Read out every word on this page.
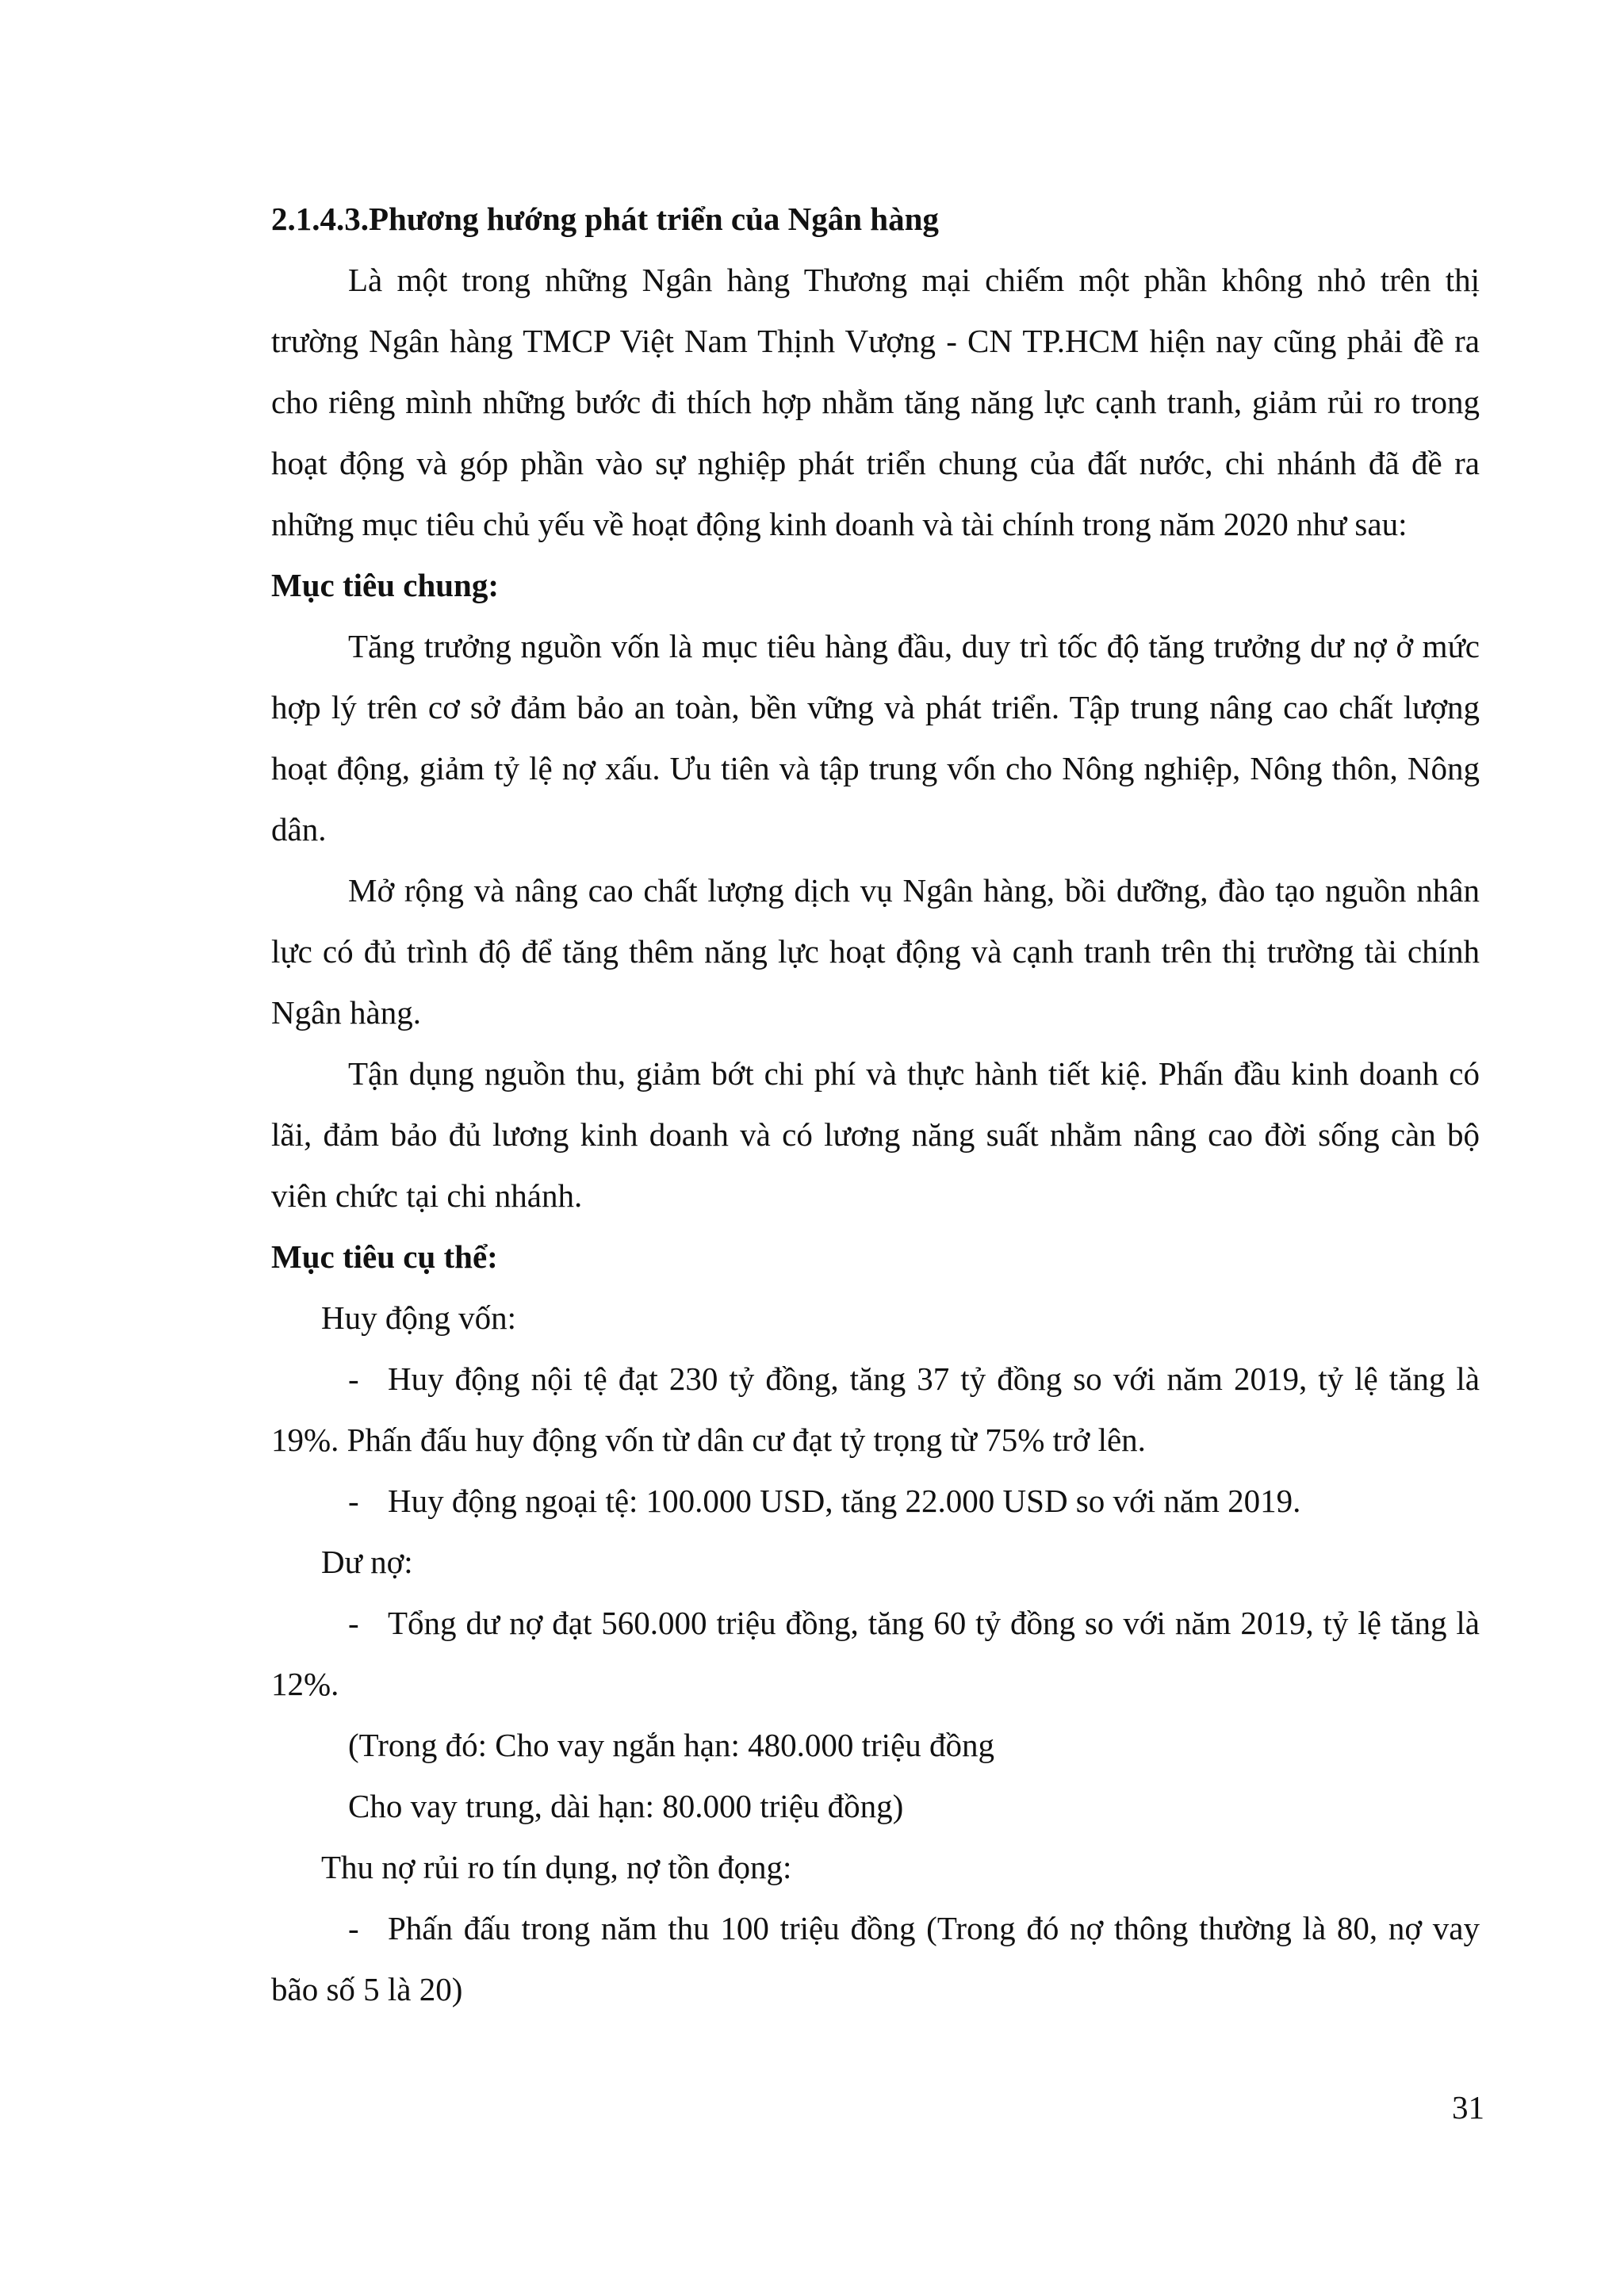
2.1.4.3.Phương hướng phát triển của Ngân hàng

Là một trong những Ngân hàng Thương mại chiếm một phần không nhỏ trên thị trường Ngân hàng TMCP Việt Nam Thịnh Vượng - CN TP.HCM hiện nay cũng phải đề ra cho riêng mình những bước đi thích hợp nhằm tăng năng lực cạnh tranh, giảm rủi ro trong hoạt động và góp phần vào sự nghiệp phát triển chung của đất nước, chi nhánh đã đề ra những mục tiêu chủ yếu về hoạt động kinh doanh và tài chính trong năm 2020 như sau:

Mục tiêu chung:

Tăng trưởng nguồn vốn là mục tiêu hàng đầu, duy trì tốc độ tăng trưởng dư nợ ở mức hợp lý trên cơ sở đảm bảo an toàn, bền vững và phát triển. Tập trung nâng cao chất lượng hoạt động, giảm tỷ lệ nợ xấu. Ưu tiên và tập trung vốn cho Nông nghiệp, Nông thôn, Nông dân.

Mở rộng và nâng cao chất lượng dịch vụ Ngân hàng, bồi dưỡng, đào tạo nguồn nhân lực có đủ trình độ để tăng thêm năng lực hoạt động và cạnh tranh trên thị trường tài chính Ngân hàng.

Tận dụng nguồn thu, giảm bớt chi phí và thực hành tiết kiệ. Phấn đầu kinh doanh có lãi, đảm bảo đủ lương kinh doanh và có lương năng suất nhằm nâng cao đời sống càn bộ viên chức tại chi nhánh.

Mục tiêu cụ thể:

Huy động vốn:

- Huy động nội tệ đạt 230 tỷ đồng, tăng 37 tỷ đồng so với năm 2019, tỷ lệ tăng là 19%. Phấn đấu huy động vốn từ dân cư đạt tỷ trọng từ 75% trở lên.

- Huy động ngoại tệ: 100.000 USD, tăng 22.000 USD so với năm 2019.

Dư nợ:

- Tổng dư nợ đạt 560.000 triệu đồng, tăng 60 tỷ đồng so với năm 2019, tỷ lệ tăng là 12%.

(Trong đó: Cho vay ngắn hạn: 480.000 triệu đồng

Cho vay trung, dài hạn: 80.000 triệu đồng)

Thu nợ rủi ro tín dụng, nợ tồn đọng:

- Phấn đấu trong năm thu 100 triệu đồng (Trong đó nợ thông thường là 80, nợ vay bão số 5 là 20)

31
